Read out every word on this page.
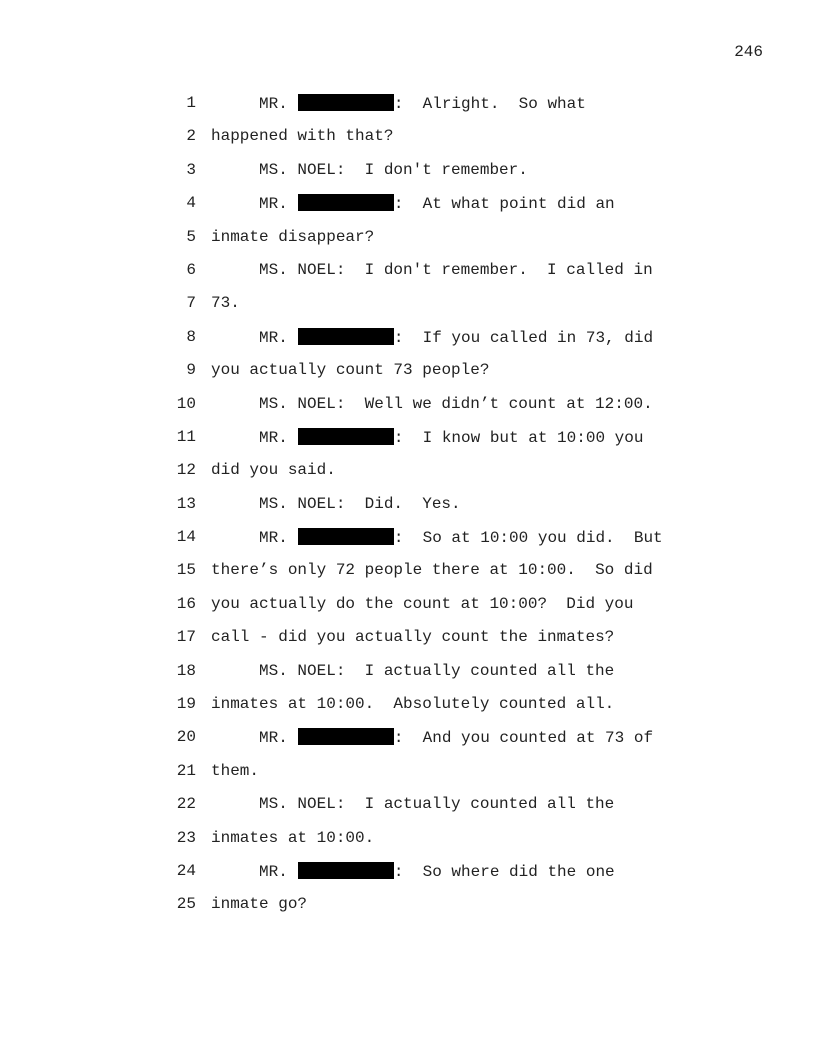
246
1	MR.	:  Alright.  So what
2 happened with that?
3	MS. NOEL:  I don't remember.
4	MR.	:  At what point did an
5 inmate disappear?
6	MS. NOEL:  I don't remember.  I called in
7 73.
8	MR.	:  If you called in 73, did
9 you actually count 73 people?
10	MS. NOEL:  Well we didn’t count at 12:00.
11	MR.	:  I know but at 10:00 you
12 did you said.
13	MS. NOEL:  Did.  Yes.
14	MR.	:  So at 10:00 you did.  But
15 there’s only 72 people there at 10:00.  So did
16 you actually do the count at 10:00?  Did you
17 call - did you actually count the inmates?
18	MS. NOEL:  I actually counted all the
19 inmates at 10:00.  Absolutely counted all.
20	MR.	:  And you counted at 73 of
21 them.
22	MS. NOEL:  I actually counted all the
23 inmates at 10:00.
24	MR.	:  So where did the one
25 inmate go?
